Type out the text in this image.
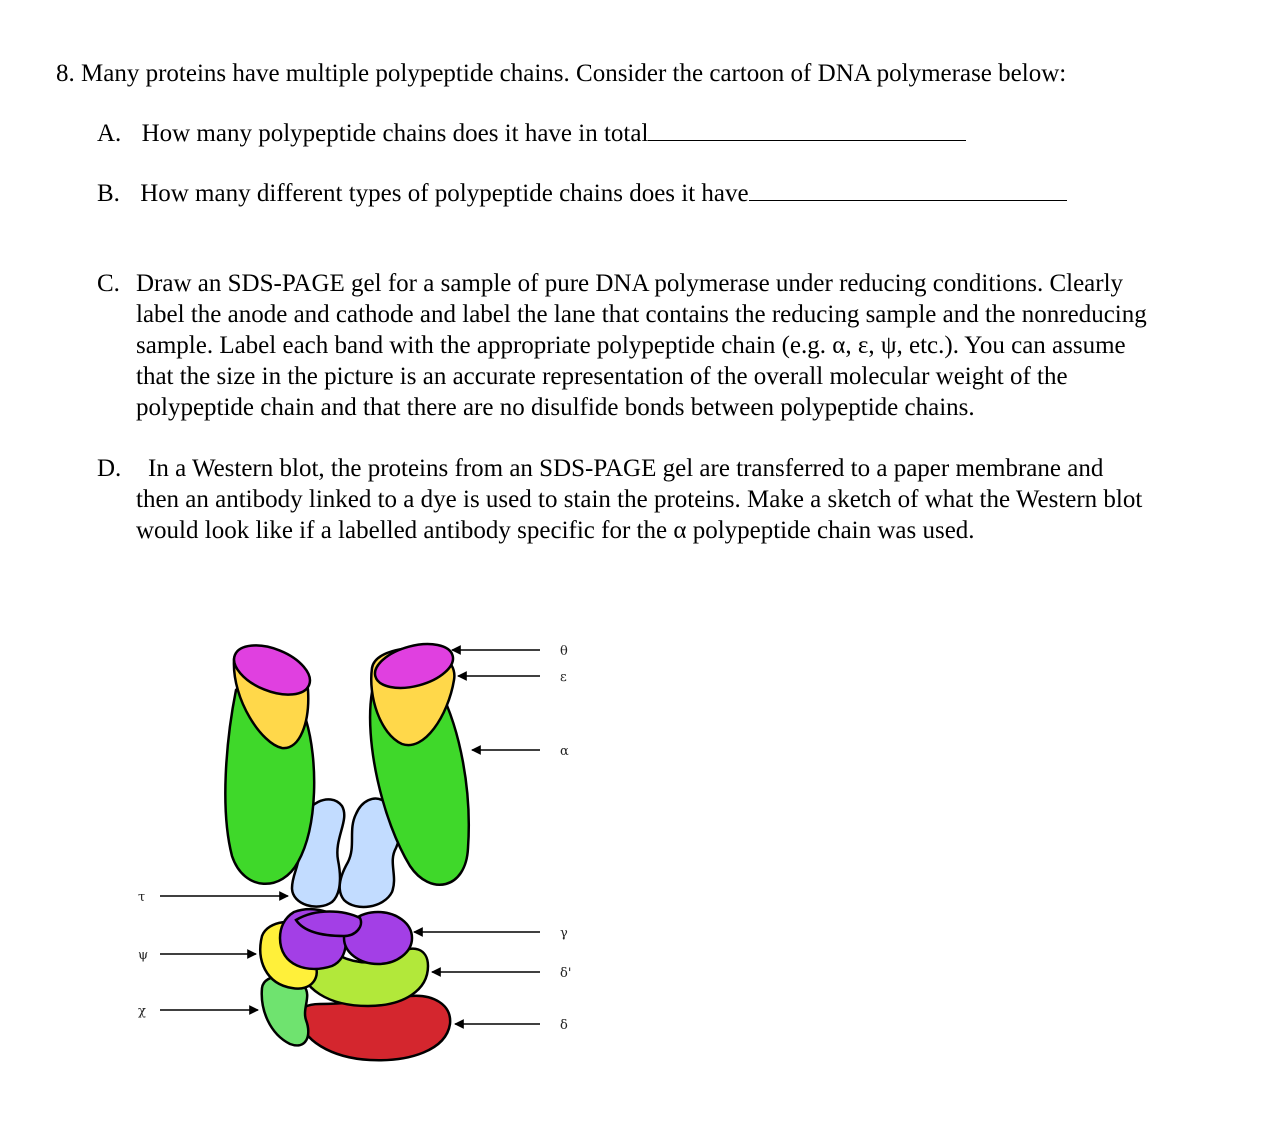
8. Many proteins have multiple polypeptide chains. Consider the cartoon of DNA polymerase below:
A. How many polypeptide chains does it have in total
B. How many different types of polypeptide chains does it have
C. Draw an SDS-PAGE gel for a sample of pure DNA polymerase under reducing conditions. Clearly
label the anode and cathode and label the lane that contains the reducing sample and the nonreducing
sample. Label each band with the appropriate polypeptide chain (e.g. α, ε, ψ, etc.). You can assume
that the size in the picture is an accurate representation of the overall molecular weight of the
polypeptide chain and that there are no disulfide bonds between polypeptide chains.
D. In a Western blot, the proteins from an SDS-PAGE gel are transferred to a paper membrane and
then an antibody linked to a dye is used to stain the proteins. Make a sketch of what the Western blot
would look like if a labelled antibody specific for the α polypeptide chain was used.
θ
ε
α
γ
δ'
δ
τ
ψ
χ
